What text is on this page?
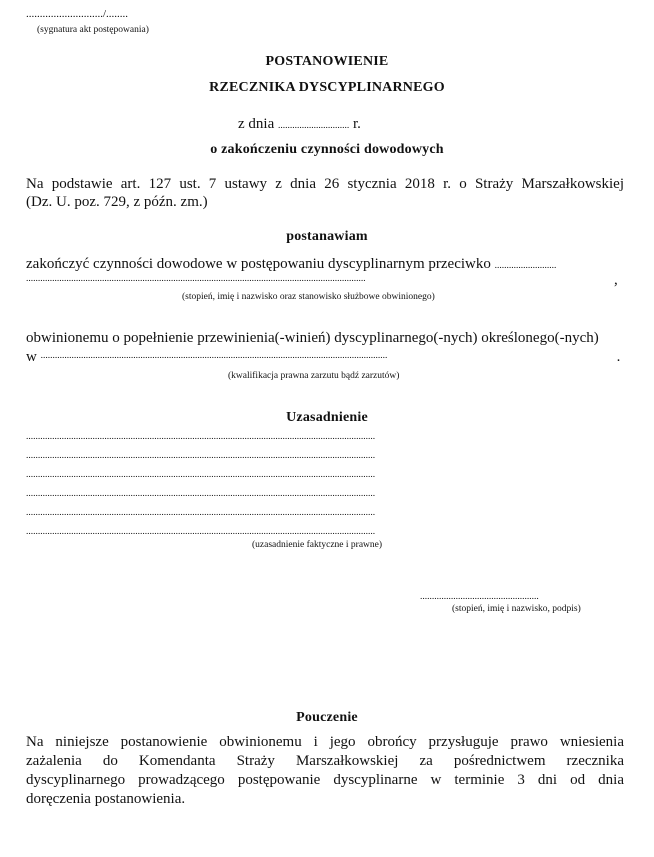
............................/........
(sygnatura akt postępowania)
POSTANOWIENIE
RZECZNIKA DYSCYPLINARNEGO
z dnia .............................. r.
o zakończeniu czynności dowodowych
Na podstawie art. 127 ust. 7 ustawy z dnia 26 stycznia 2018 r. o Straży Marszałkowskiej
(Dz. U. poz. 729, z późn. zm.)
postanawiam
zakończyć czynności dowodowe w postępowaniu dyscyplinarnym przeciwko ..........................
...............................................................................................................................................	,
(stopień, imię i nazwisko oraz stanowisko służbowe obwinionego)
obwinionemu o popełnienie przewinienia(-winień) dyscyplinarnego(-nych) określonego(-nych)
w ..................................................................................................................................................	.
(kwalifikacja prawna zarzutu bądź zarzutów)
Uzasadnienie
...................................................................................................................................................
...................................................................................................................................................
...................................................................................................................................................
...................................................................................................................................................
...................................................................................................................................................
...................................................................................................................................................
(uzasadnienie faktyczne i prawne)
..................................................
(stopień, imię i nazwisko, podpis)
Pouczenie
Na niniejsze postanowienie obwinionemu i jego obrońcy przysługuje prawo wniesienia
zażalenia do Komendanta Straży Marszałkowskiej za pośrednictwem rzecznika
dyscyplinarnego prowadzącego postępowanie dyscyplinarne w terminie 3 dni od dnia
doręczenia postanowienia.
